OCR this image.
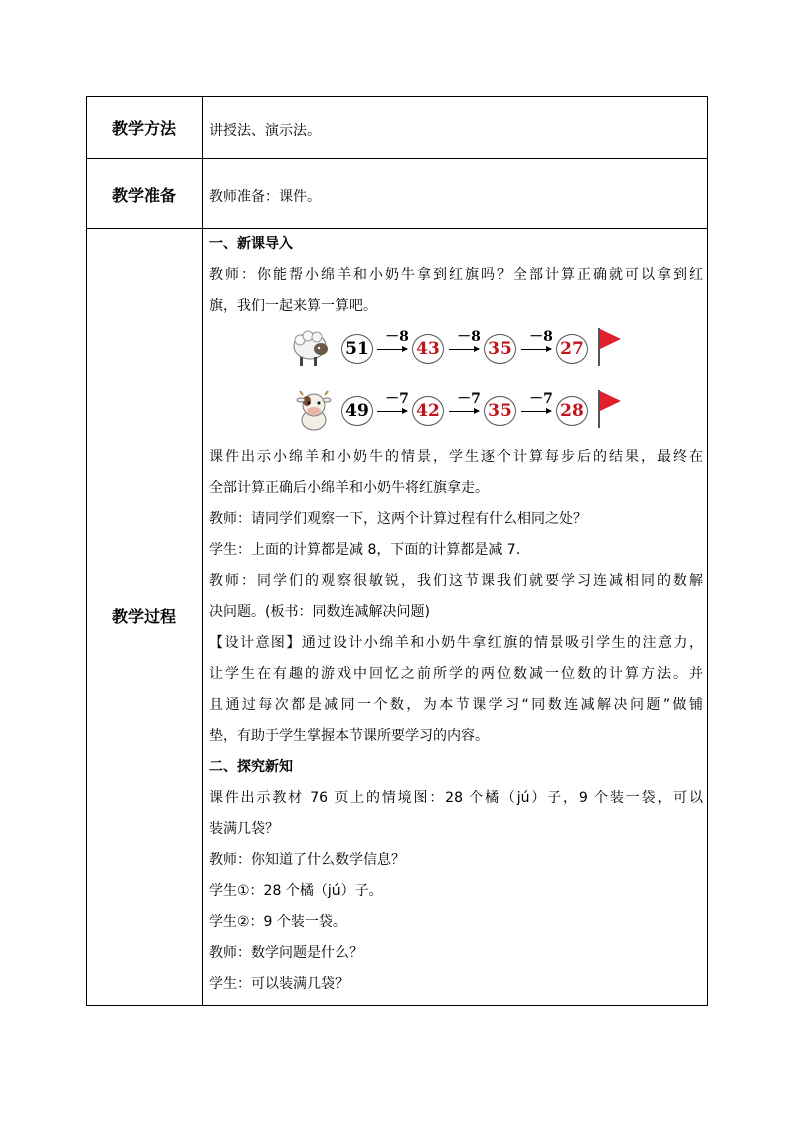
教学方法	讲授法、演示法。
教学准备	教师准备：课件。
教学过程
一、新课导入
教师：你能帮小绵羊和小奶牛拿到红旗吗？全部计算正确就可以拿到红
旗，我们一起来算一算吧。
51
－8
43
－8
35
－8
27
49
－7
42
－7
35
－7
28
课件出示小绵羊和小奶牛的情景，学生逐个计算每步后的结果，最终在
全部计算正确后小绵羊和小奶牛将红旗拿走。
教师：请同学们观察一下，这两个计算过程有什么相同之处？
学生：上面的计算都是减 8，下面的计算都是减 7.
教师：同学们的观察很敏锐，我们这节课我们就要学习连减相同的数解
决问题。(板书：同数连减解决问题)
【设计意图】通过设计小绵羊和小奶牛拿红旗的情景吸引学生的注意力，
让学生在有趣的游戏中回忆之前所学的两位数减一位数的计算方法。并
且通过每次都是减同一个数，为本节课学习“同数连减解决问题”做铺
垫，有助于学生掌握本节课所要学习的内容。
二、探究新知
课件出示教材 76 页上的情境图：28 个橘（jú）子，9 个装一袋，可以
装满几袋？
教师：你知道了什么数学信息？
学生①：28 个橘（jú）子。
学生②：9 个装一袋。
教师：数学问题是什么？
学生：可以装满几袋？
